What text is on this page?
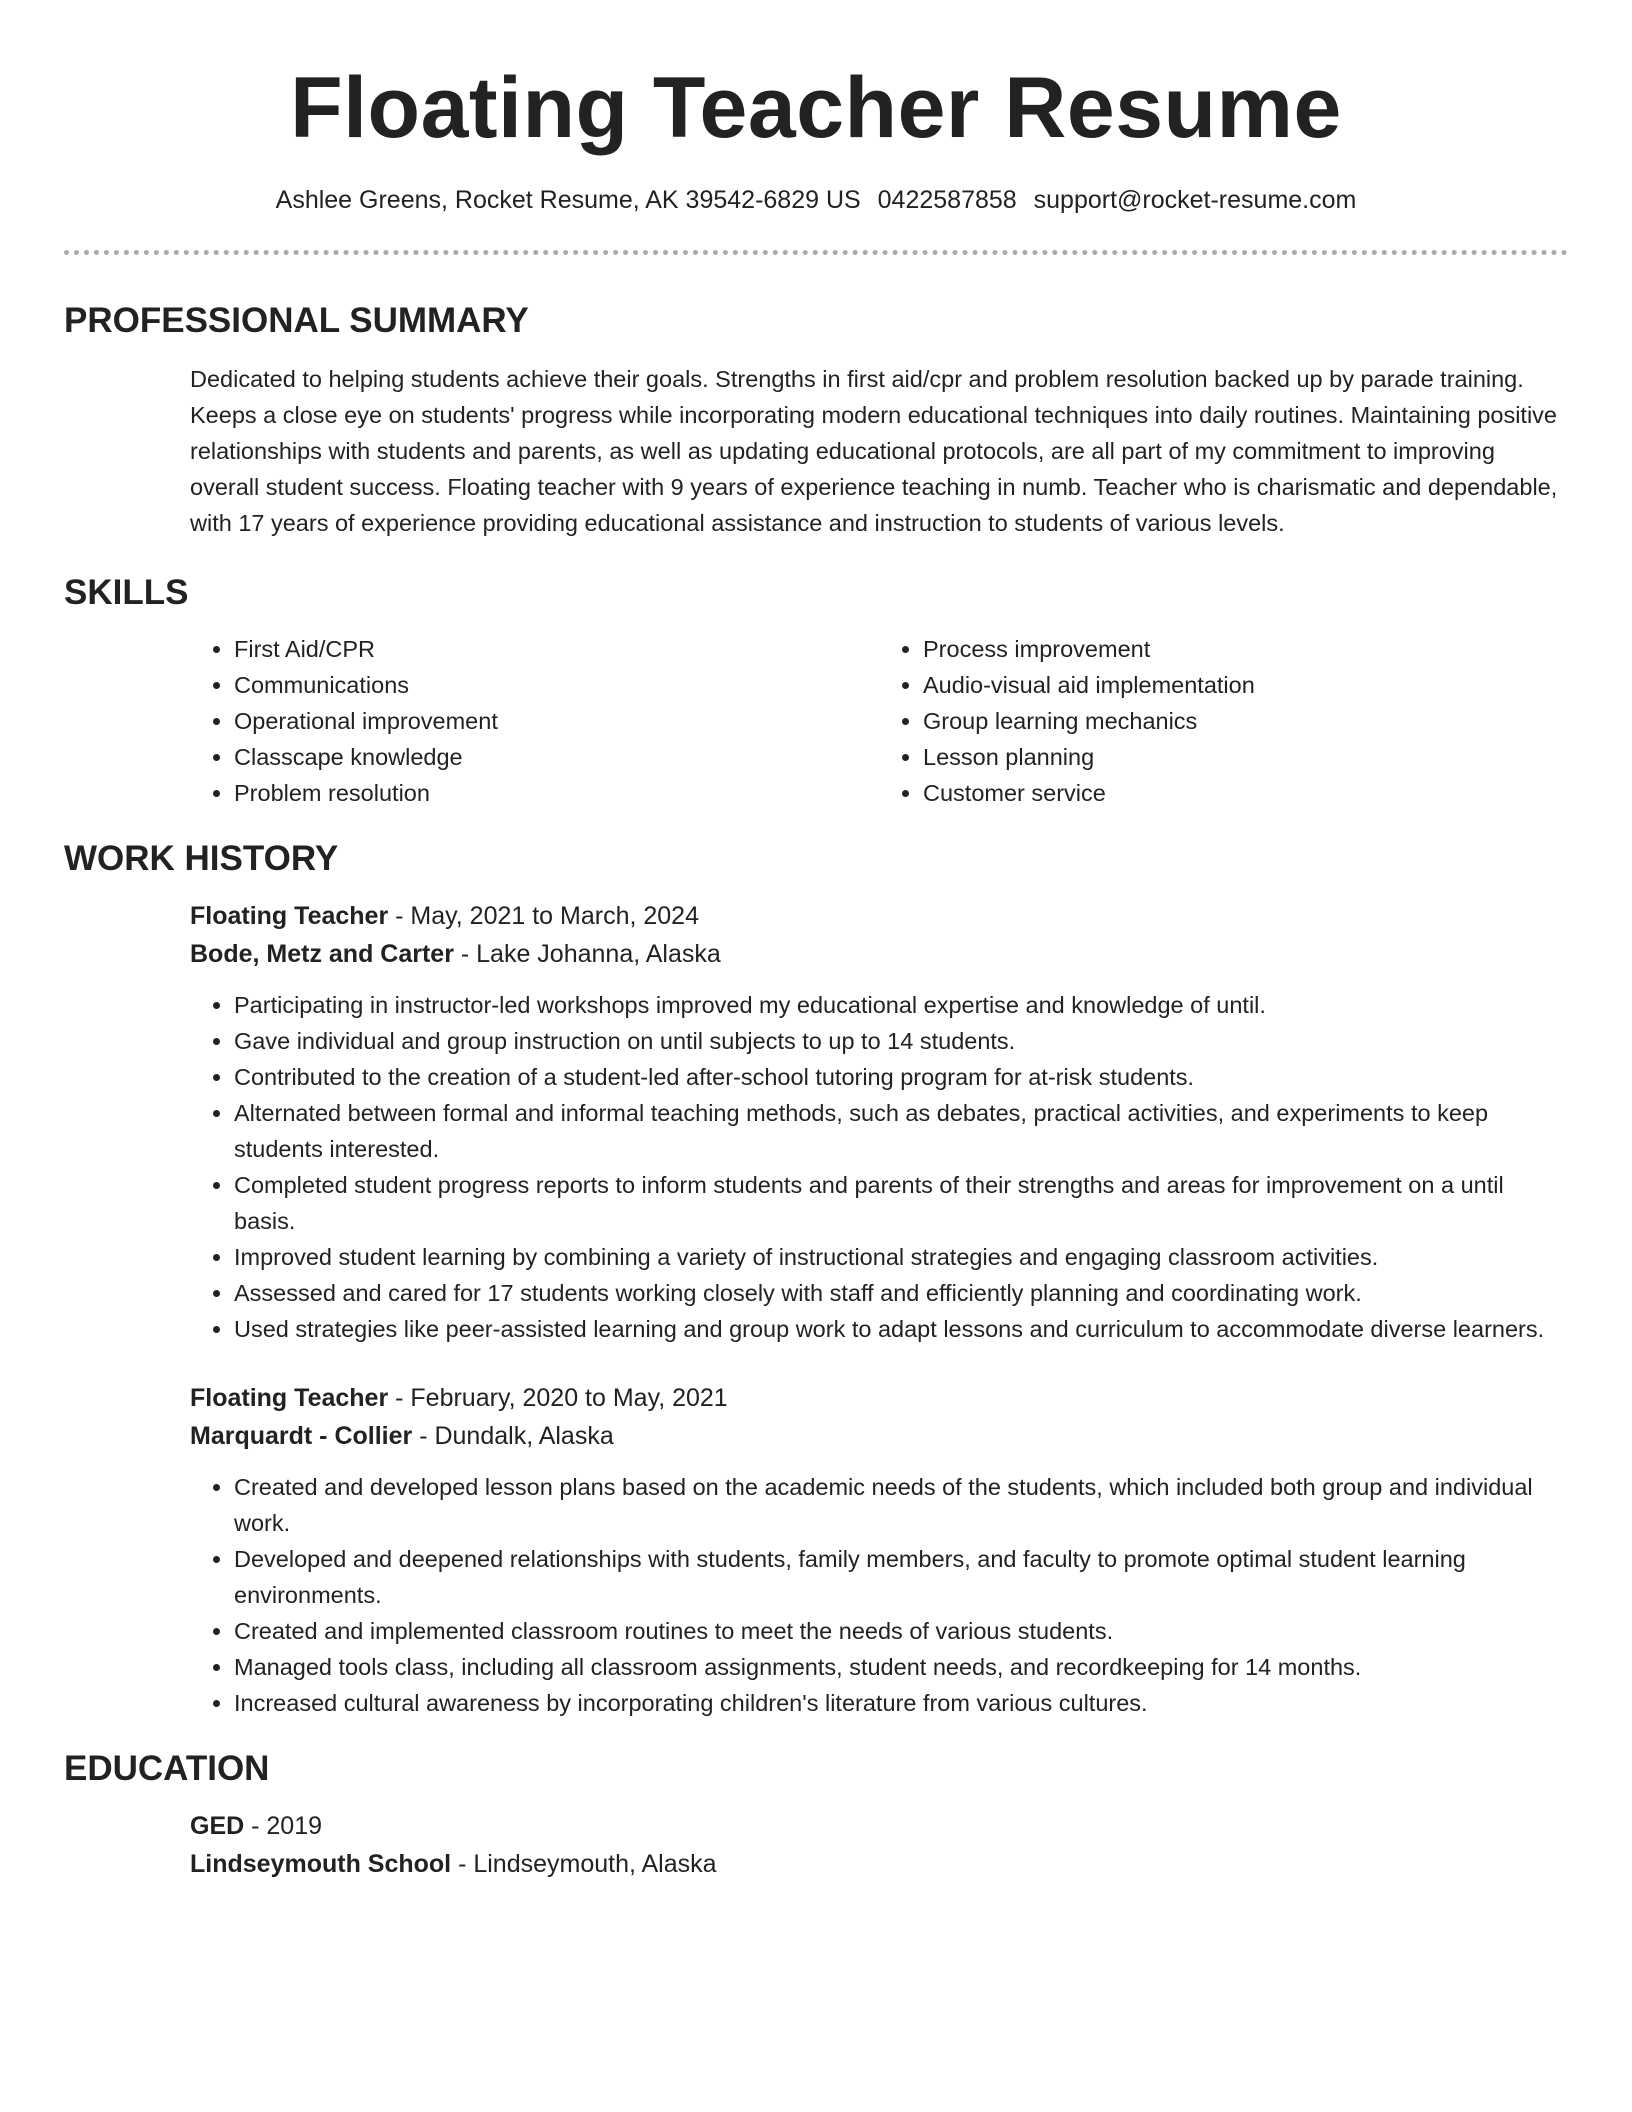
Floating Teacher Resume
Ashlee Greens, Rocket Resume, AK 39542-6829 US 0422587858 support@rocket-resume.com
PROFESSIONAL SUMMARY

Dedicated to helping students achieve their goals. Strengths in first aid/cpr and problem resolution backed up by parade training. Keeps a close eye on students' progress while incorporating modern educational techniques into daily routines. Maintaining positive relationships with students and parents, as well as updating educational protocols, are all part of my commitment to improving overall student success. Floating teacher with 9 years of experience teaching in numb. Teacher who is charismatic and dependable, with 17 years of experience providing educational assistance and instruction to students of various levels.

SKILLS
• First Aid/CPR
• Communications
• Operational improvement
• Classcape knowledge
• Problem resolution
• Process improvement
• Audio-visual aid implementation
• Group learning mechanics
• Lesson planning
• Customer service
WORK HISTORY
Floating Teacher - May, 2021 to March, 2024
Bode, Metz and Carter - Lake Johanna, Alaska
• Participating in instructor-led workshops improved my educational expertise and knowledge of until.
• Gave individual and group instruction on until subjects to up to 14 students.
• Contributed to the creation of a student-led after-school tutoring program for at-risk students.
• Alternated between formal and informal teaching methods, such as debates, practical activities, and experiments to keep students interested.
• Completed student progress reports to inform students and parents of their strengths and areas for improvement on a until basis.
• Improved student learning by combining a variety of instructional strategies and engaging classroom activities.
• Assessed and cared for 17 students working closely with staff and efficiently planning and coordinating work.
• Used strategies like peer-assisted learning and group work to adapt lessons and curriculum to accommodate diverse learners.
Floating Teacher - February, 2020 to May, 2021
Marquardt - Collier - Dundalk, Alaska
• Created and developed lesson plans based on the academic needs of the students, which included both group and individual work.
• Developed and deepened relationships with students, family members, and faculty to promote optimal student learning environments.
• Created and implemented classroom routines to meet the needs of various students.
• Managed tools class, including all classroom assignments, student needs, and recordkeeping for 14 months.
• Increased cultural awareness by incorporating children's literature from various cultures.
EDUCATION
GED - 2019
Lindseymouth School - Lindseymouth, Alaska
